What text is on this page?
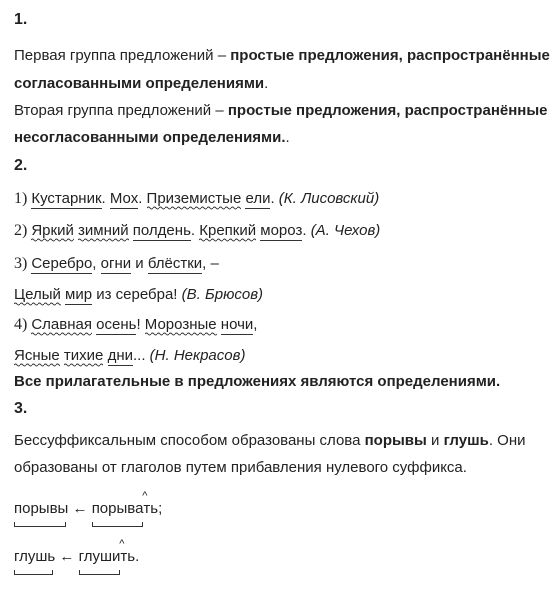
1.
Первая группа предложений – простые предложения, распространённые
согласованными определениями.
Вторая группа предложений – простые предложения, распространённые
несогласованными определениями..
2.
1) Кустарник. Мох. Приземистые ели. (К. Лисовский)
2) Яркий зимний полдень. Крепкий мороз. (А. Чехов)
3) Серебро, огни и блёстки, –
Целый мир из серебра! (В. Брюсов)
4) Славная осень! Морозные ночи,
Ясные тихие дни... (Н. Некрасов)
Все прилагательные в предложениях являются определениями.
3.
Бессуффиксальным способом образованы слова порывы и глушь. Они
образованы от глаголов путем прибавления нулевого суффикса.
порывы
← порыва
^
ть;
глушь
← глуши
^
ть.
